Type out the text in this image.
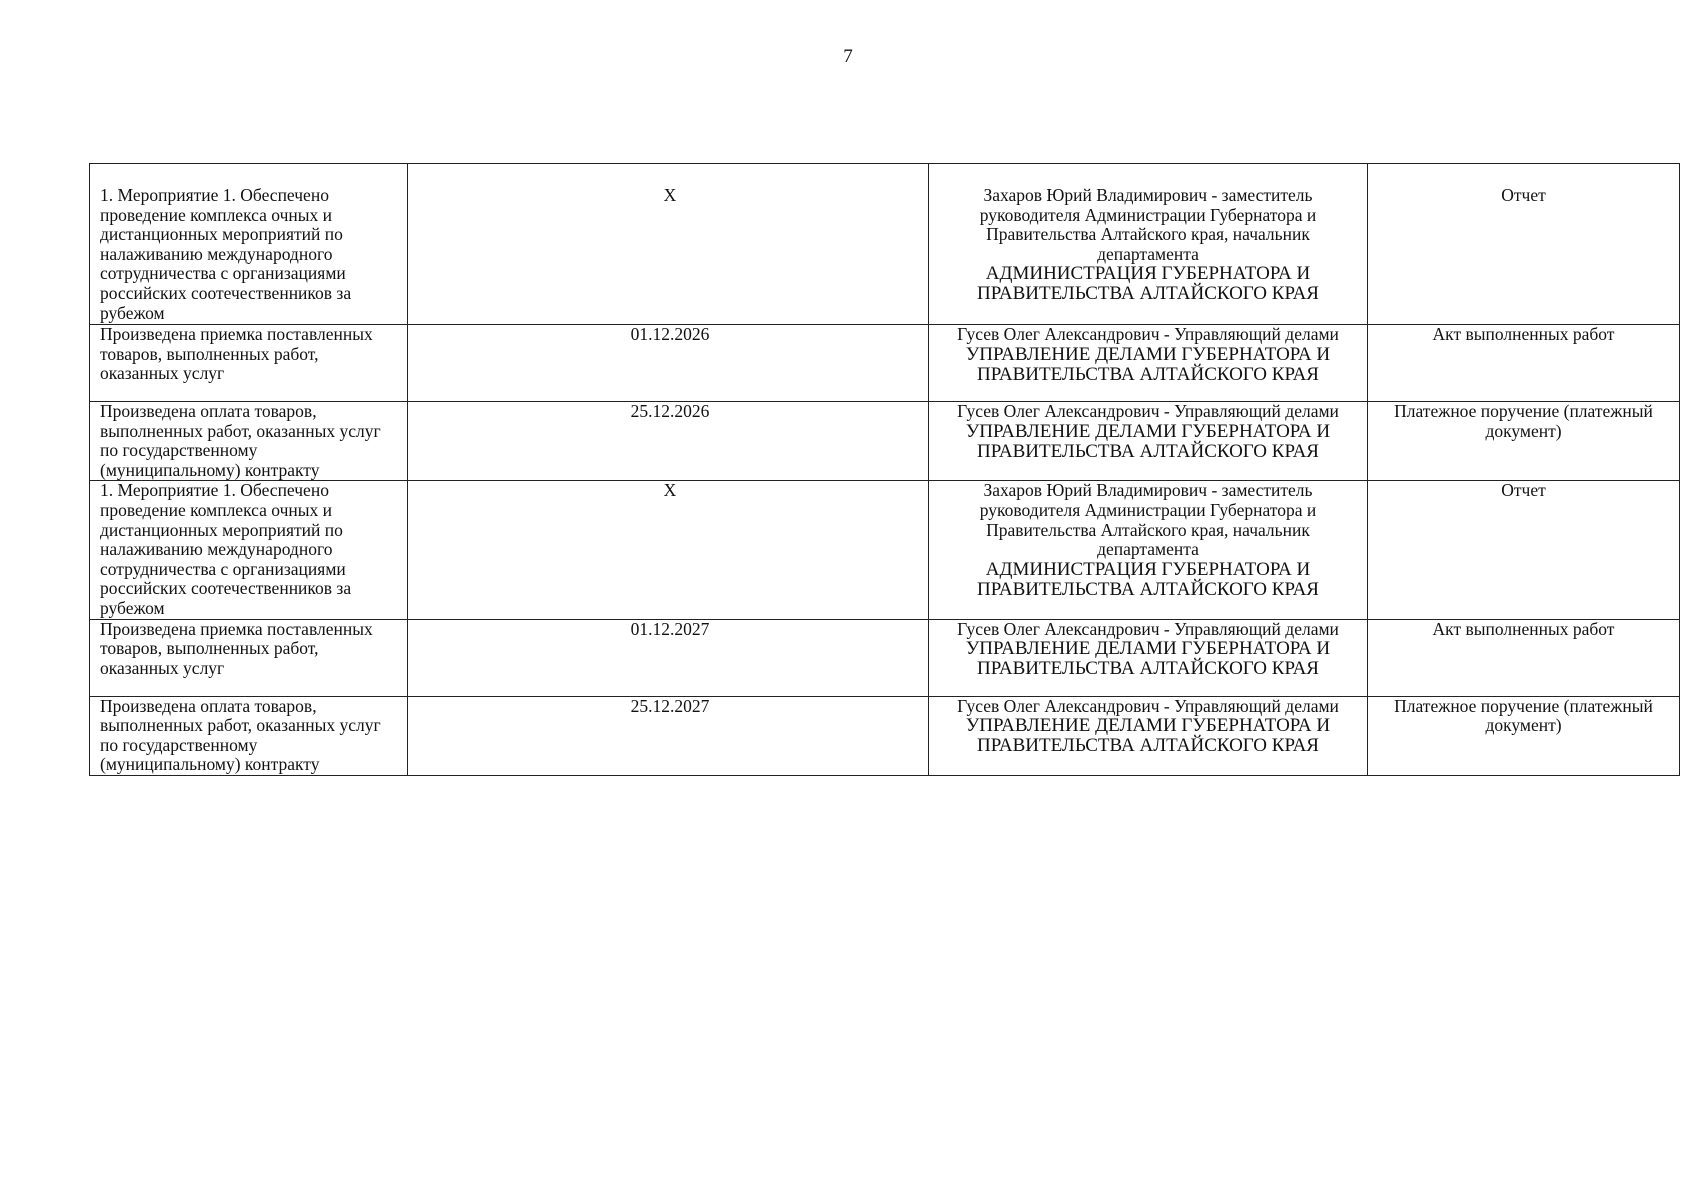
7
1. Мероприятие 1. Обеспечено проведение комплекса очных и дистанционных мероприятий по налаживанию международного сотрудничества с организациями российских соотечественников за рубежом	X	Захаров Юрий Владимирович - заместитель руководителя Администрации Губернатора и Правительства Алтайского края, начальник департамента
АДМИНИСТРАЦИЯ ГУБЕРНАТОРА И ПРАВИТЕЛЬСТВА АЛТАЙСКОГО КРАЯ	Отчет
Произведена приемка поставленных товаров, выполненных работ, оказанных услуг	01.12.2026	Гусев Олег Александрович - Управляющий делами
УПРАВЛЕНИЕ ДЕЛАМИ ГУБЕРНАТОРА И ПРАВИТЕЛЬСТВА АЛТАЙСКОГО КРАЯ	Акт выполненных работ
Произведена оплата товаров, выполненных работ, оказанных услуг по государственному (муниципальному) контракту	25.12.2026	Гусев Олег Александрович - Управляющий делами
УПРАВЛЕНИЕ ДЕЛАМИ ГУБЕРНАТОРА И ПРАВИТЕЛЬСТВА АЛТАЙСКОГО КРАЯ	Платежное поручение (платежный документ)
1. Мероприятие 1. Обеспечено проведение комплекса очных и дистанционных мероприятий по налаживанию международного сотрудничества с организациями российских соотечественников за рубежом	X	Захаров Юрий Владимирович - заместитель руководителя Администрации Губернатора и Правительства Алтайского края, начальник департамента
АДМИНИСТРАЦИЯ ГУБЕРНАТОРА И ПРАВИТЕЛЬСТВА АЛТАЙСКОГО КРАЯ	Отчет
Произведена приемка поставленных товаров, выполненных работ, оказанных услуг	01.12.2027	Гусев Олег Александрович - Управляющий делами
УПРАВЛЕНИЕ ДЕЛАМИ ГУБЕРНАТОРА И ПРАВИТЕЛЬСТВА АЛТАЙСКОГО КРАЯ	Акт выполненных работ
Произведена оплата товаров, выполненных работ, оказанных услуг по государственному (муниципальному) контракту	25.12.2027	Гусев Олег Александрович - Управляющий делами
УПРАВЛЕНИЕ ДЕЛАМИ ГУБЕРНАТОРА И ПРАВИТЕЛЬСТВА АЛТАЙСКОГО КРАЯ	Платежное поручение (платежный документ)
